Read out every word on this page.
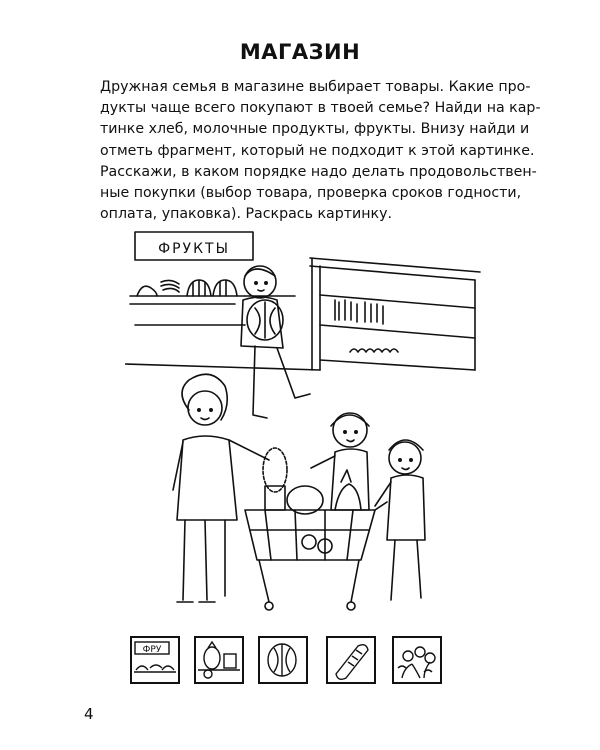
МАГАЗИН

Дружная семья в магазине выбирает товары. Какие про-
дукты чаще всего покупают в твоей семье? Найди на кар-
тинке хлеб, молочные продукты, фрукты. Внизу найди и
отметь фрагмент, который не подходит к этой картинке.
Расскажи, в каком порядке надо делать продовольствен-
ные покупки (выбор товара, проверка сроков годности,
оплата, упаковка). Раскрась картинку.

ФРУКТЫ
ФРУ
4
